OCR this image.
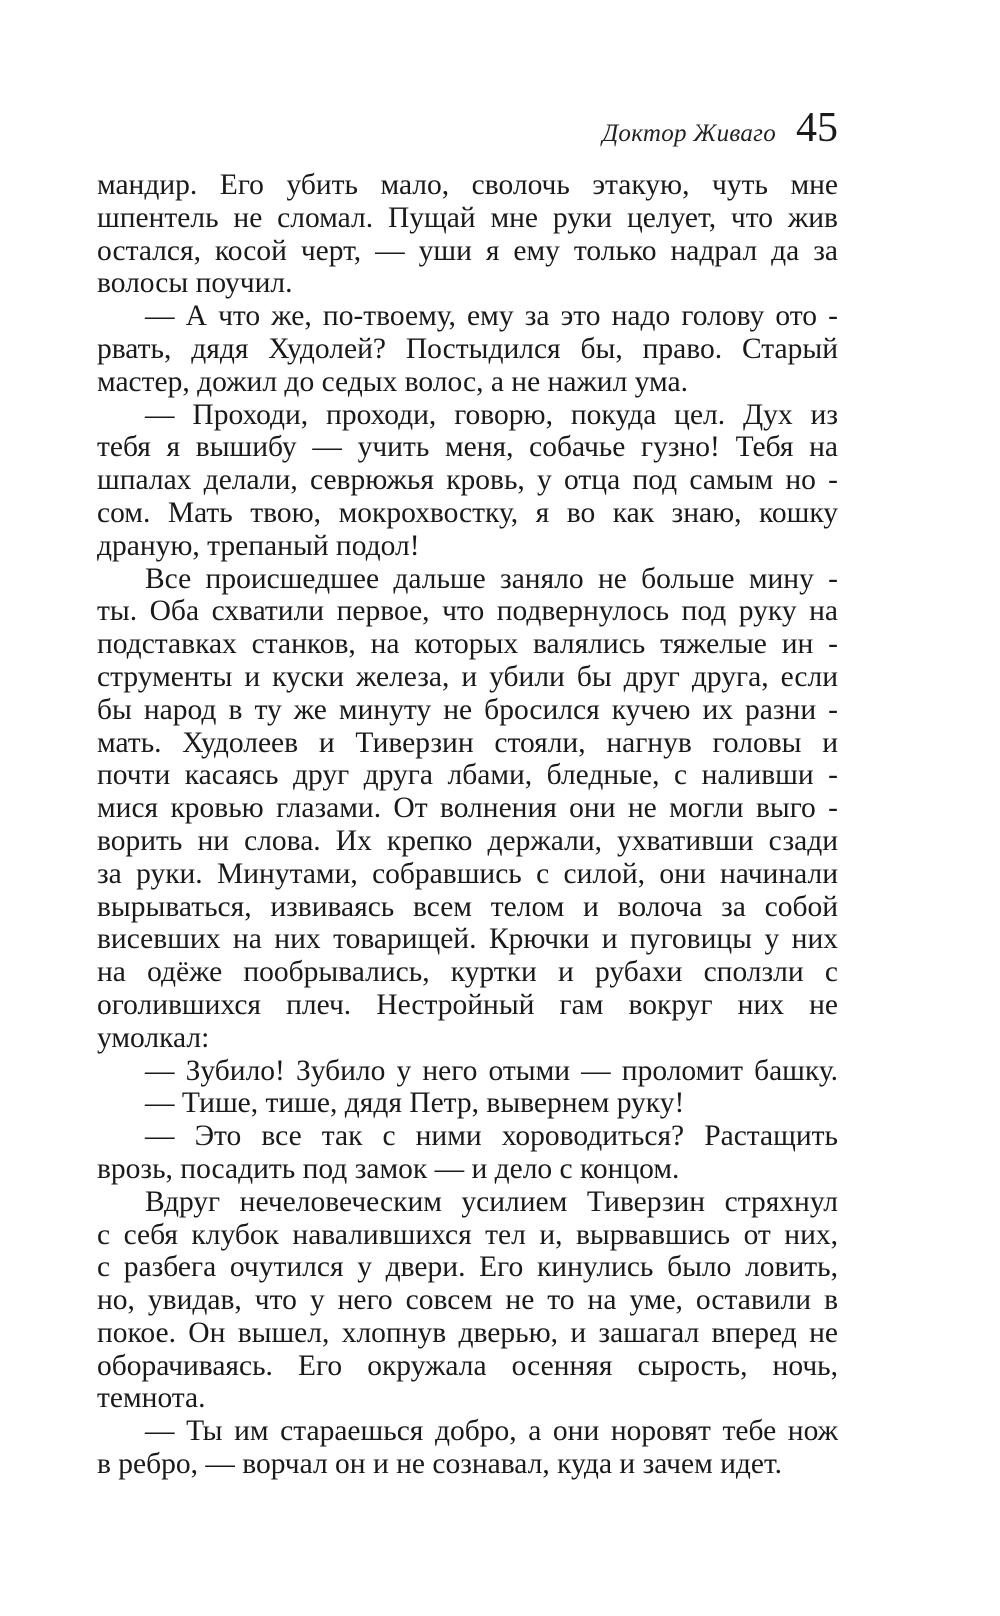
Доктор Живаго 45
мандир. Его убить мало, сволочь этакую, чуть мне
шпентель не сломал. Пущай мне руки целует, что жив
остался, косой черт, — уши я ему только надрал да за
волосы поучил.
— А что же, по-твоему, ему за это надо голову ото -
рвать, дядя Худолей? Постыдился бы, право. Старый
мастер, дожил до седых волос, а не нажил ума.
— Проходи, проходи, говорю, покуда цел. Дух из
тебя я вышибу — учить меня, собачье гузно! Тебя на
шпалах делали, севрюжья кровь, у отца под самым но -
сом. Мать твою, мокрохвостку, я во как знаю, кошку
драную, трепаный подол!
Все происшедшее дальше заняло не больше мину -
ты. Оба схватили первое, что подвернулось под руку на
подставках станков, на которых валялись тяжелые ин -
струменты и куски железа, и убили бы друг друга, если
бы народ в ту же минуту не бросился кучею их разни -
мать. Худолеев и Тиверзин стояли, нагнув головы и
почти касаясь друг друга лбами, бледные, с наливши -
мися кровью глазами. От волнения они не могли выго -
ворить ни слова. Их крепко держали, ухвативши сзади
за руки. Минутами, собравшись с силой, они начинали
вырываться, извиваясь всем телом и волоча за собой
висевших на них товарищей. Крючки и пуговицы у них
на одёже пообрывались, куртки и рубахи сползли с
оголившихся плеч. Нестройный гам вокруг них не
умолкал:
— Зубило! Зубило у него отыми — проломит башку.
— Тише, тише, дядя Петр, вывернем руку!
— Это все так с ними хороводиться? Растащить
врозь, посадить под замок — и дело с концом.
Вдруг нечеловеческим усилием Тиверзин стряхнул
с себя клубок навалившихся тел и, вырвавшись от них,
с разбега очутился у двери. Его кинулись было ловить,
но, увидав, что у него совсем не то на уме, оставили в
покое. Он вышел, хлопнув дверью, и зашагал вперед не
оборачиваясь. Его окружала осенняя сырость, ночь,
темнота.
— Ты им стараешься добро, а они норовят тебе нож
в ребро, — ворчал он и не сознавал, куда и зачем идет.
